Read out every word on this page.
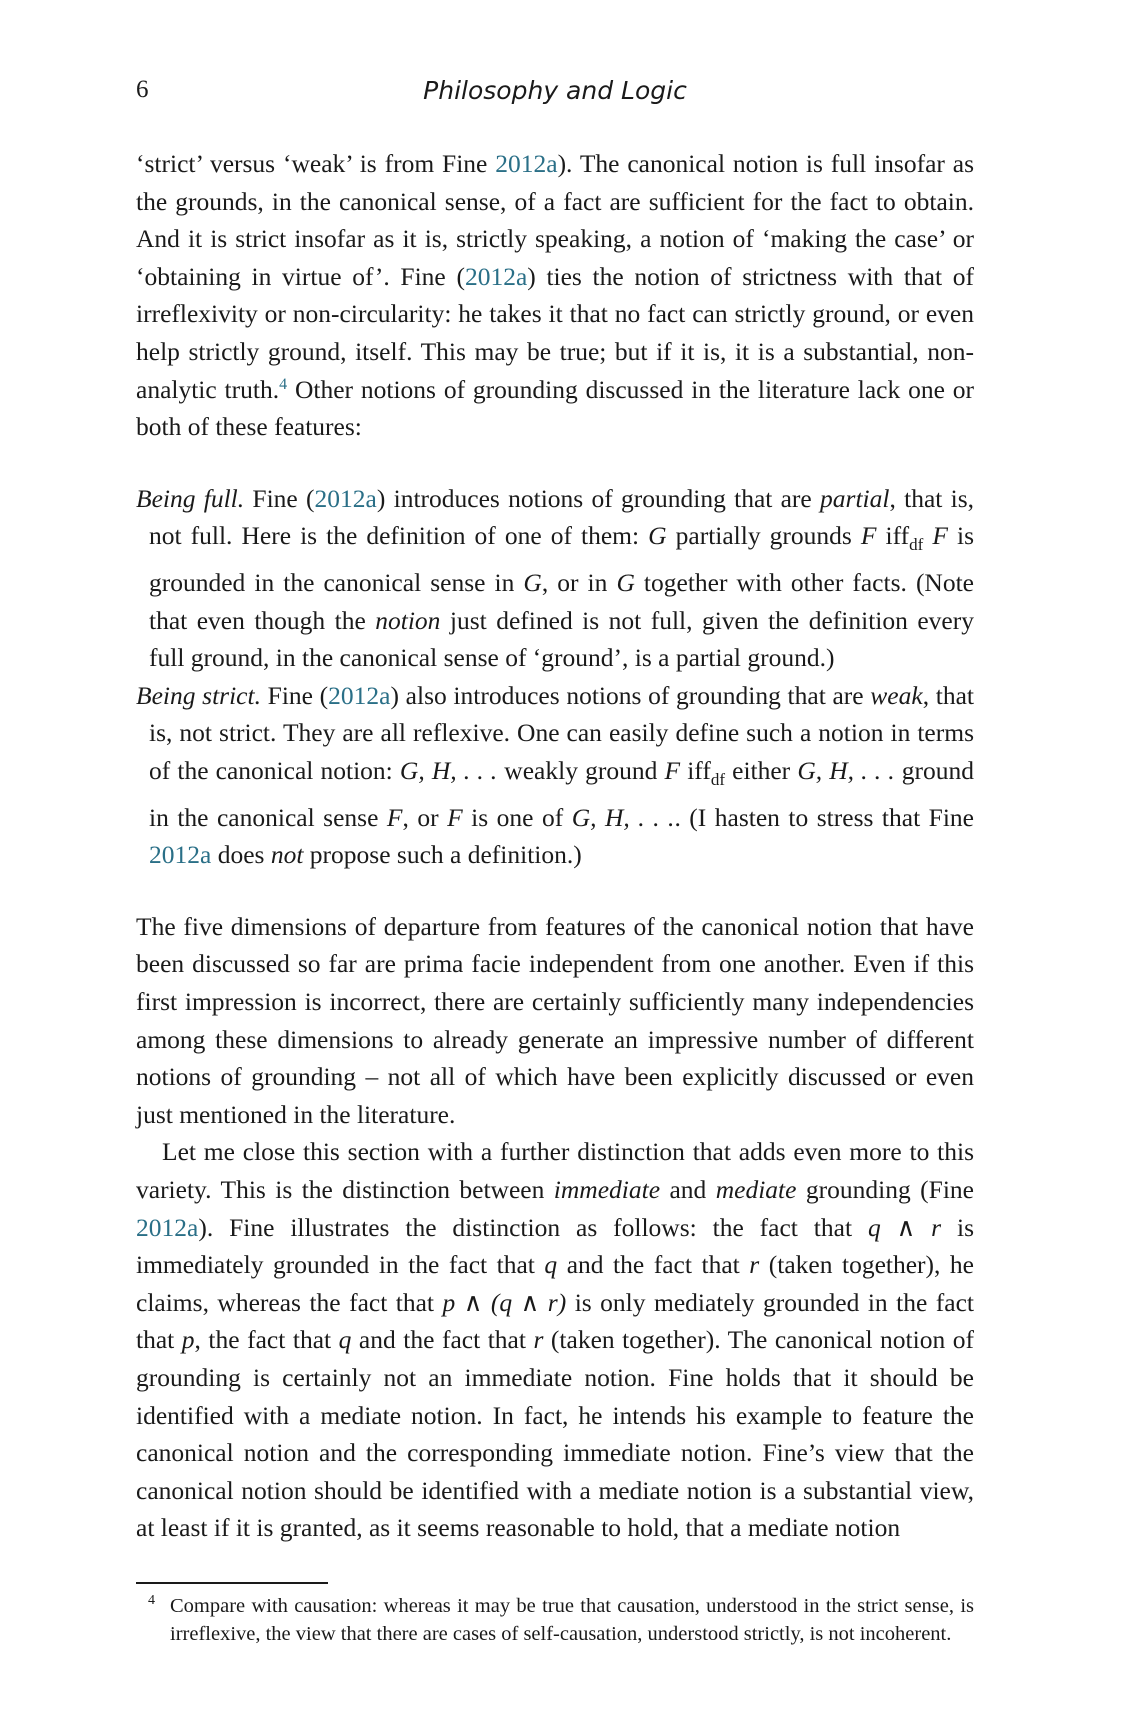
6	Philosophy and Logic

‘strict’ versus ‘weak’ is from Fine 2012a). The canonical notion is full insofar as the grounds, in the canonical sense, of a fact are sufficient for the fact to obtain. And it is strict insofar as it is, strictly speaking, a notion of ‘making the case’ or ‘obtaining in virtue of’. Fine (2012a) ties the notion of strictness with that of irreflexivity or non-circularity: he takes it that no fact can strictly ground, or even help strictly ground, itself. This may be true; but if it is, it is a substantial, non-analytic truth.$^4$ Other notions of grounding discussed in the literature lack one or both of these features:

Being full. Fine (2012a) introduces notions of grounding that are partial, that is, not full. Here is the definition of one of them: G partially grounds F iff$_{df}$ F is grounded in the canonical sense in G, or in G together with other facts. (Note that even though the notion just defined is not full, given the definition every full ground, in the canonical sense of ‘ground’, is a partial ground.)

Being strict. Fine (2012a) also introduces notions of grounding that are weak, that is, not strict. They are all reflexive. One can easily define such a notion in terms of the canonical notion: G, H, . . . weakly ground F iff$_{df}$ either G, H, . . . ground in the canonical sense F, or F is one of G, H, . . .. (I hasten to stress that Fine 2012a does not propose such a definition.)

The five dimensions of departure from features of the canonical notion that have been discussed so far are prima facie independent from one another. Even if this first impression is incorrect, there are certainly sufficiently many independencies among these dimensions to already generate an impressive number of different notions of grounding – not all of which have been explicitly discussed or even just mentioned in the literature.

Let me close this section with a further distinction that adds even more to this variety. This is the distinction between immediate and mediate grounding (Fine 2012a). Fine illustrates the distinction as follows: the fact that q ∧ r is immediately grounded in the fact that q and the fact that r (taken together), he claims, whereas the fact that p ∧ (q ∧ r) is only mediately grounded in the fact that p, the fact that q and the fact that r (taken together). The canonical notion of grounding is certainly not an immediate notion. Fine holds that it should be identified with a mediate notion. In fact, he intends his example to feature the canonical notion and the corresponding immediate notion. Fine’s view that the canonical notion should be identified with a mediate notion is a substantial view, at least if it is granted, as it seems reasonable to hold, that a mediate notion

4 Compare with causation: whereas it may be true that causation, understood in the strict sense, is irreflexive, the view that there are cases of self-causation, understood strictly, is not incoherent.
